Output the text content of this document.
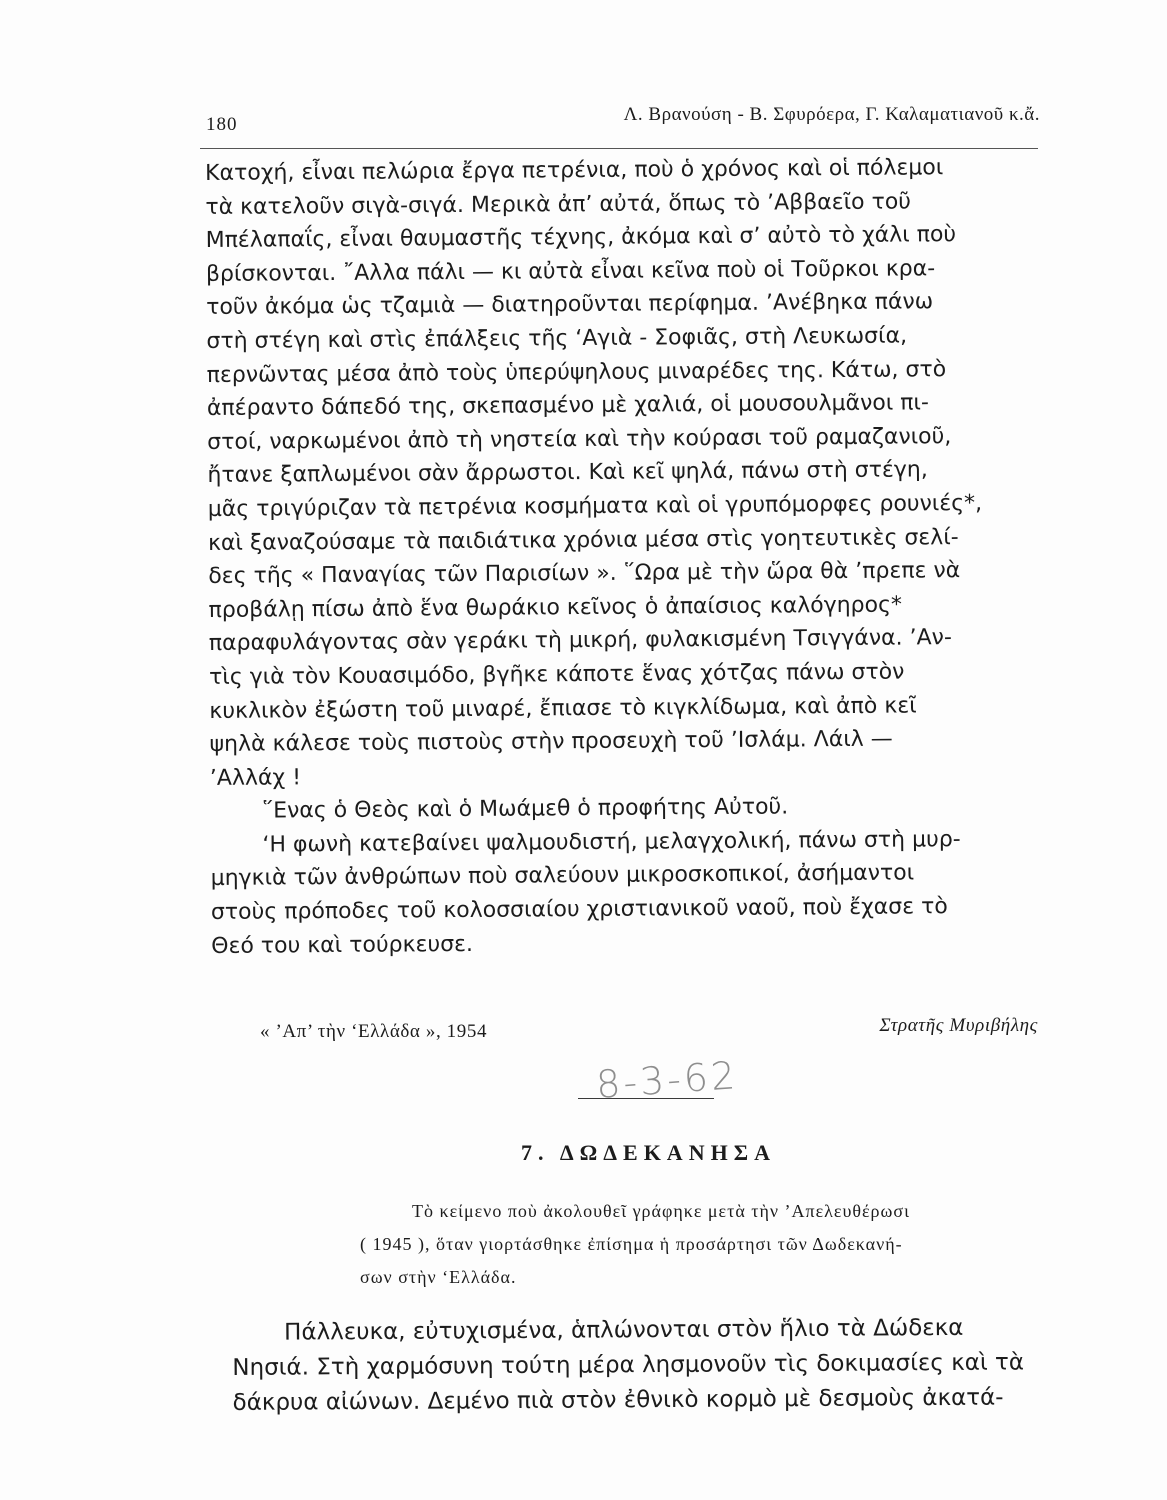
180	Λ. Βρανούση - Β. Σφυρόερα, Γ. Καλαματιανοῦ κ.ἄ.
Κατοχή, εἶναι πελώρια ἔργα πετρένια, ποὺ ὁ χρόνος καὶ οἱ πόλεμοι
τὰ κατελοῦν σιγὰ-σιγά. Μερικὰ ἀπ’ αὐτά, ὅπως τὸ ’Αββαεῖο τοῦ
Μπέλαπαΐς, εἶναι θαυμαστῆς τέχνης, ἀκόμα καὶ σ’ αὐτὸ τὸ χάλι ποὺ
βρίσκονται. ῎Αλλα πάλι — κι αὐτὰ εἶναι κεῖνα ποὺ οἱ Τοῦρκοι κρα-
τοῦν ἀκόμα ὡς τζαμιὰ — διατηροῦνται περίφημα. ’Ανέβηκα πάνω
στὴ στέγη καὶ στὶς ἐπάλξεις τῆς ‘Αγιὰ - Σοφιᾶς, στὴ Λευκωσία,
περνῶντας μέσα ἀπὸ τοὺς ὑπερύψηλους μιναρέδες της. Κάτω, στὸ
ἀπέραντο δάπεδό της, σκεπασμένο μὲ χαλιά, οἱ μουσουλμᾶνοι πι-
στοί, ναρκωμένοι ἀπὸ τὴ νηστεία καὶ τὴν κούρασι τοῦ ραμαζανιοῦ,
ἤτανε ξαπλωμένοι σὰν ἄρρωστοι. Καὶ κεῖ ψηλά, πάνω στὴ στέγη,
μᾶς τριγύριζαν τὰ πετρένια κοσμήματα καὶ οἱ γρυπόμορφες ρουνιές*,
καὶ ξαναζούσαμε τὰ παιδιάτικα χρόνια μέσα στὶς γοητευτικὲς σελί-
δες τῆς « Παναγίας τῶν Παρισίων ». ῞Ωρα μὲ τὴν ὥρα θὰ ’πρεπε νὰ
προβάλῃ πίσω ἀπὸ ἕνα θωράκιο κεῖνος ὁ ἀπαίσιος καλόγηρος*
παραφυλάγοντας σὰν γεράκι τὴ μικρή, φυλακισμένη Τσιγγάνα. ’Αν-
τὶς γιὰ τὸν Κουασιμόδο, βγῆκε κάποτε ἕνας χότζας πάνω στὸν
κυκλικὸν ἐξώστη τοῦ μιναρέ, ἔπιασε τὸ κιγκλίδωμα, καὶ ἀπὸ κεῖ
ψηλὰ κάλεσε τοὺς πιστοὺς στὴν προσευχὴ τοῦ ’Ισλάμ. Λάιλ —
’Αλλάχ !
῞Ενας ὁ Θεὸς καὶ ὁ Μωάμεθ ὁ προφήτης Αὐτοῦ.
‘Η φωνὴ κατεβαίνει ψαλμουδιστή, μελαγχολική, πάνω στὴ μυρ-
μηγκιὰ τῶν ἀνθρώπων ποὺ σαλεύουν μικροσκοπικοί, ἀσήμαντοι
στοὺς πρόποδες τοῦ κολοσσιαίου χριστιανικοῦ ναοῦ, ποὺ ἔχασε τὸ
Θεό του καὶ τούρκευσε.
« ’Απ’ τὴν ‘Ελλάδα », 1954	Στρατῆς Μυριβήλης
8-3-62
7. ΔΩΔΕΚΑΝΗΣΑ
Τὸ κείμενο ποὺ ἀκολουθεῖ γράφηκε μετὰ τὴν ’Απελευθέρωσι
( 1945 ), ὅταν γιορτάσθηκε ἐπίσημα ἡ προσάρτησι τῶν Δωδεκανή-
σων στὴν ‘Ελλάδα.
Πάλλευκα, εὐτυχισμένα, ἁπλώνονται στὸν ἥλιο τὰ Δώδεκα
Νησιά. Στὴ χαρμόσυνη τούτη μέρα λησμονοῦν τὶς δοκιμασίες καὶ τὰ
δάκρυα αἰώνων. Δεμένο πιὰ στὸν ἐθνικὸ κορμὸ μὲ δεσμοὺς ἀκατά-
